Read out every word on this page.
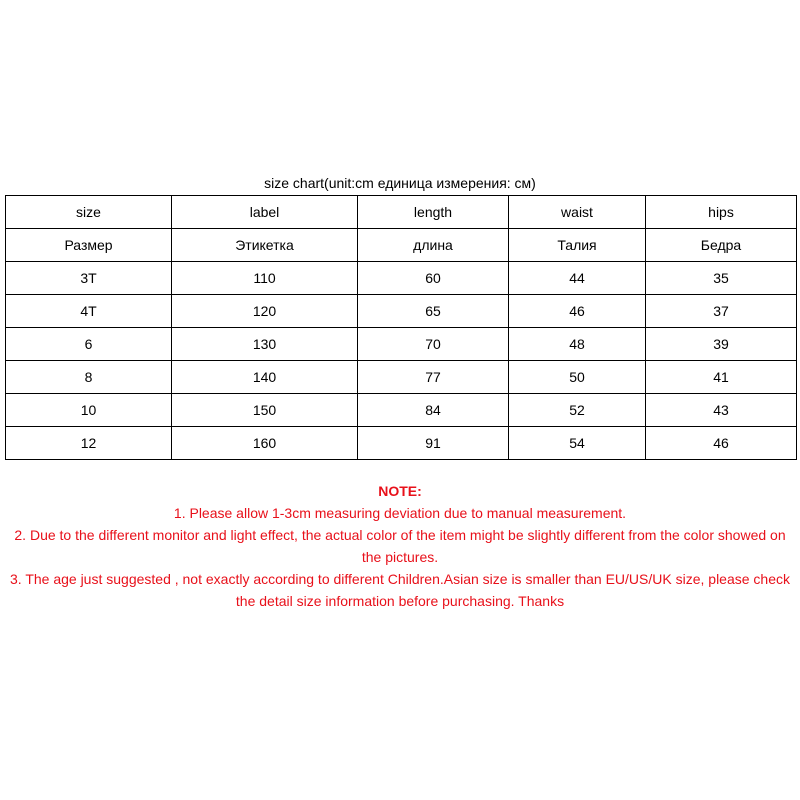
size chart(unit:cm единица измерения: см)
size	label	length	waist	hips
Размер	Этикетка	длина	Талия	Бедра
3T	110	60	44	35
4T	120	65	46	37
6	130	70	48	39
8	140	77	50	41
10	150	84	52	43
12	160	91	54	46
NOTE:
1. Please allow 1-3cm measuring deviation due to manual measurement.
2. Due to the different monitor and light effect, the actual color of the item might be slightly different from the color showed on the pictures.
3. The age just suggested , not exactly according to different Children.Asian size is smaller than EU/US/UK size, please check the detail size information before purchasing. Thanks
